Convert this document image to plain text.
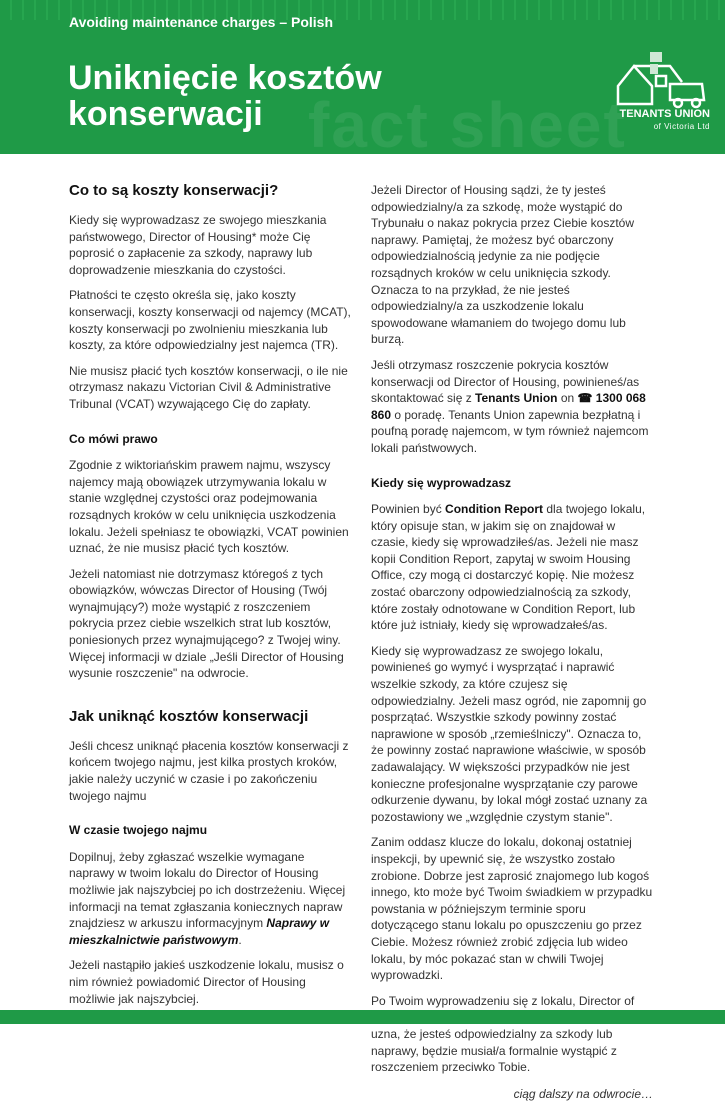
Avoiding maintenance charges – Polish
fact sheet
Uniknięcie kosztów
konserwacji	TENANTS UNION
of Victoria Ltd
Co to są koszty konserwacji?

Kiedy się wyprowadzasz ze swojego mieszkania państwowego, Director of Housing* może Cię poprosić o zapłacenie za szkody, naprawy lub doprowadzenie mieszkania do czystości.

Płatności te często określa się, jako koszty konserwacji, koszty konserwacji od najemcy (MCAT), koszty konserwacji po zwolnieniu mieszkania lub koszty, za które odpowiedzialny jest najemca (TR).

Nie musisz płacić tych kosztów konserwacji, o ile nie otrzymasz nakazu Victorian Civil & Administrative Tribunal (VCAT) wzywającego Cię do zapłaty.

Co mówi prawo

Zgodnie z wiktoriańskim prawem najmu, wszyscy najemcy mają obowiązek utrzymywania lokalu w stanie względnej czystości oraz podejmowania rozsądnych kroków w celu uniknięcia uszkodzenia lokalu. Jeżeli spełniasz te obowiązki, VCAT powinien uznać, że nie musisz płacić tych kosztów.

Jeżeli natomiast nie dotrzymasz któregoś z tych obowiązków, wówczas Director of Housing (Twój wynajmujący?) może wystąpić z roszczeniem pokrycia przez ciebie wszelkich strat lub kosztów, poniesionych przez wynajmującego? z Twojej winy. Więcej informacji w dziale „Jeśli Director of Housing wysunie roszczenie" na odwrocie.

Jak uniknąć kosztów konserwacji

Jeśli chcesz uniknąć płacenia kosztów konserwacji z końcem twojego najmu, jest kilka prostych kroków, jakie należy uczynić w czasie i po zakończeniu twojego najmu

W czasie twojego najmu

Dopilnuj, żeby zgłaszać wszelkie wymagane naprawy w twoim lokalu do Director of Housing możliwie jak najszybciej po ich dostrzeżeniu. Więcej informacji na temat zgłaszania koniecznych napraw znajdziesz w arkuszu informacyjnym Naprawy w mieszkalnictwie państwowym.

Jeżeli nastąpiło jakieś uszkodzenie lokalu, musisz o nim również powiadomić Director of Housing możliwie jak najszybciej.

Jeżeli Director of Housing sądzi, że ty jesteś odpowiedzialny/a za szkodę, może wystąpić do Trybunału o nakaz pokrycia przez Ciebie kosztów naprawy. Pamiętaj, że możesz być obarczony odpowiedzialnością jedynie za nie podjęcie rozsądnych kroków w celu uniknięcia szkody. Oznacza to na przykład, że nie jesteś odpowiedzialny/a za uszkodzenie lokalu spowodowane włamaniem do twojego domu lub burzą.

Jeśli otrzymasz roszczenie pokrycia kosztów konserwacji od Director of Housing, powinieneś/as skontaktować się z Tenants Union on ☎ 1300 068 860 o poradę. Tenants Union zapewnia bezpłatną i poufną poradę najemcom, w tym również najemcom lokali państwowych.

Kiedy się wyprowadzasz

Powinien być Condition Report dla twojego lokalu, który opisuje stan, w jakim się on znajdował w czasie, kiedy się wprowadziłeś/as. Jeżeli nie masz kopii Condition Report, zapytaj w swoim Housing Office, czy mogą ci dostarczyć kopię. Nie możesz zostać obarczony odpowiedzialnością za szkody, które zostały odnotowane w Condition Report, lub które już istniały, kiedy się wprowadzałeś/as.

Kiedy się wyprowadzasz ze swojego lokalu, powinieneś go wymyć i wysprzątać i naprawić wszelkie szkody, za które czujesz się odpowiedzialny. Jeżeli masz ogród, nie zapomnij go posprzątać. Wszystkie szkody powinny zostać naprawione w sposób „rzemieślniczy". Oznacza to, że powinny zostać naprawione właściwie, w sposób zadawalający. W większości przypadków nie jest konieczne profesjonalne wysprzątanie czy parowe odkurzenie dywanu, by lokal mógł zostać uznany za pozostawiony we „względnie czystym stanie".

Zanim oddasz klucze do lokalu, dokonaj ostatniej inspekcji, by upewnić się, że wszystko zostało zrobione. Dobrze jest zaprosić znajomego lub kogoś innego, kto może być Twoim świadkiem w przypadku powstania w późniejszym terminie sporu dotyczącego stanu lokalu po opuszczeniu go przez Ciebie. Możesz również zrobić zdjęcia lub wideo lokalu, by móc pokazać stan w chwili Twojej wyprowadzki.

Po Twoim wyprowadzeniu się z lokalu, Director of uzna, że jesteś odpowiedzialny za szkody lub naprawy, będzie musiał/a formalnie wystąpić z roszczeniem przeciwko Tobie.

ciąg dalszy na odwrocie…
